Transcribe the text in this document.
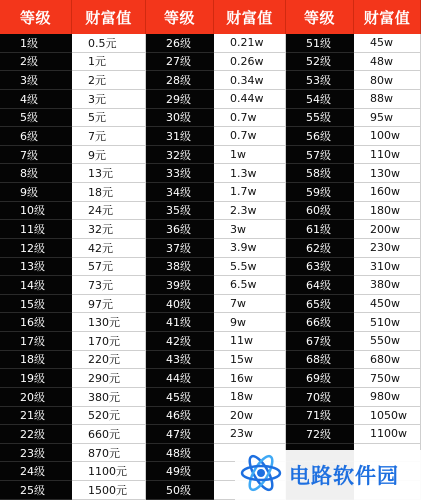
等级	财富值	等级	财富值	等级	财富值
1级	0.5元	26级	0.21w	51级	45w
2级	1元	27级	0.26w	52级	48w
3级	2元	28级	0.34w	53级	80w
4级	3元	29级	0.44w	54级	88w
5级	5元	30级	0.7w	55级	95w
6级	7元	31级	0.7w	56级	100w
7级	9元	32级	1w	57级	110w
8级	13元	33级	1.3w	58级	130w
9级	18元	34级	1.7w	59级	160w
10级	24元	35级	2.3w	60级	180w
11级	32元	36级	3w	61级	200w
12级	42元	37级	3.9w	62级	230w
13级	57元	38级	5.5w	63级	310w
14级	73元	39级	6.5w	64级	380w
15级	97元	40级	7w	65级	450w
16级	130元	41级	9w	66级	510w
17级	170元	42级	11w	67级	550w
18级	220元	43级	15w	68级	680w
19级	290元	44级	16w	69级	750w
20级	380元	45级	18w	70级	980w
21级	520元	46级	20w	71级	1050w
22级	660元	47级	23w	72级	1100w
23级	870元	48级
24级	1100元	49级
25级	1500元	50级
电路软件园
